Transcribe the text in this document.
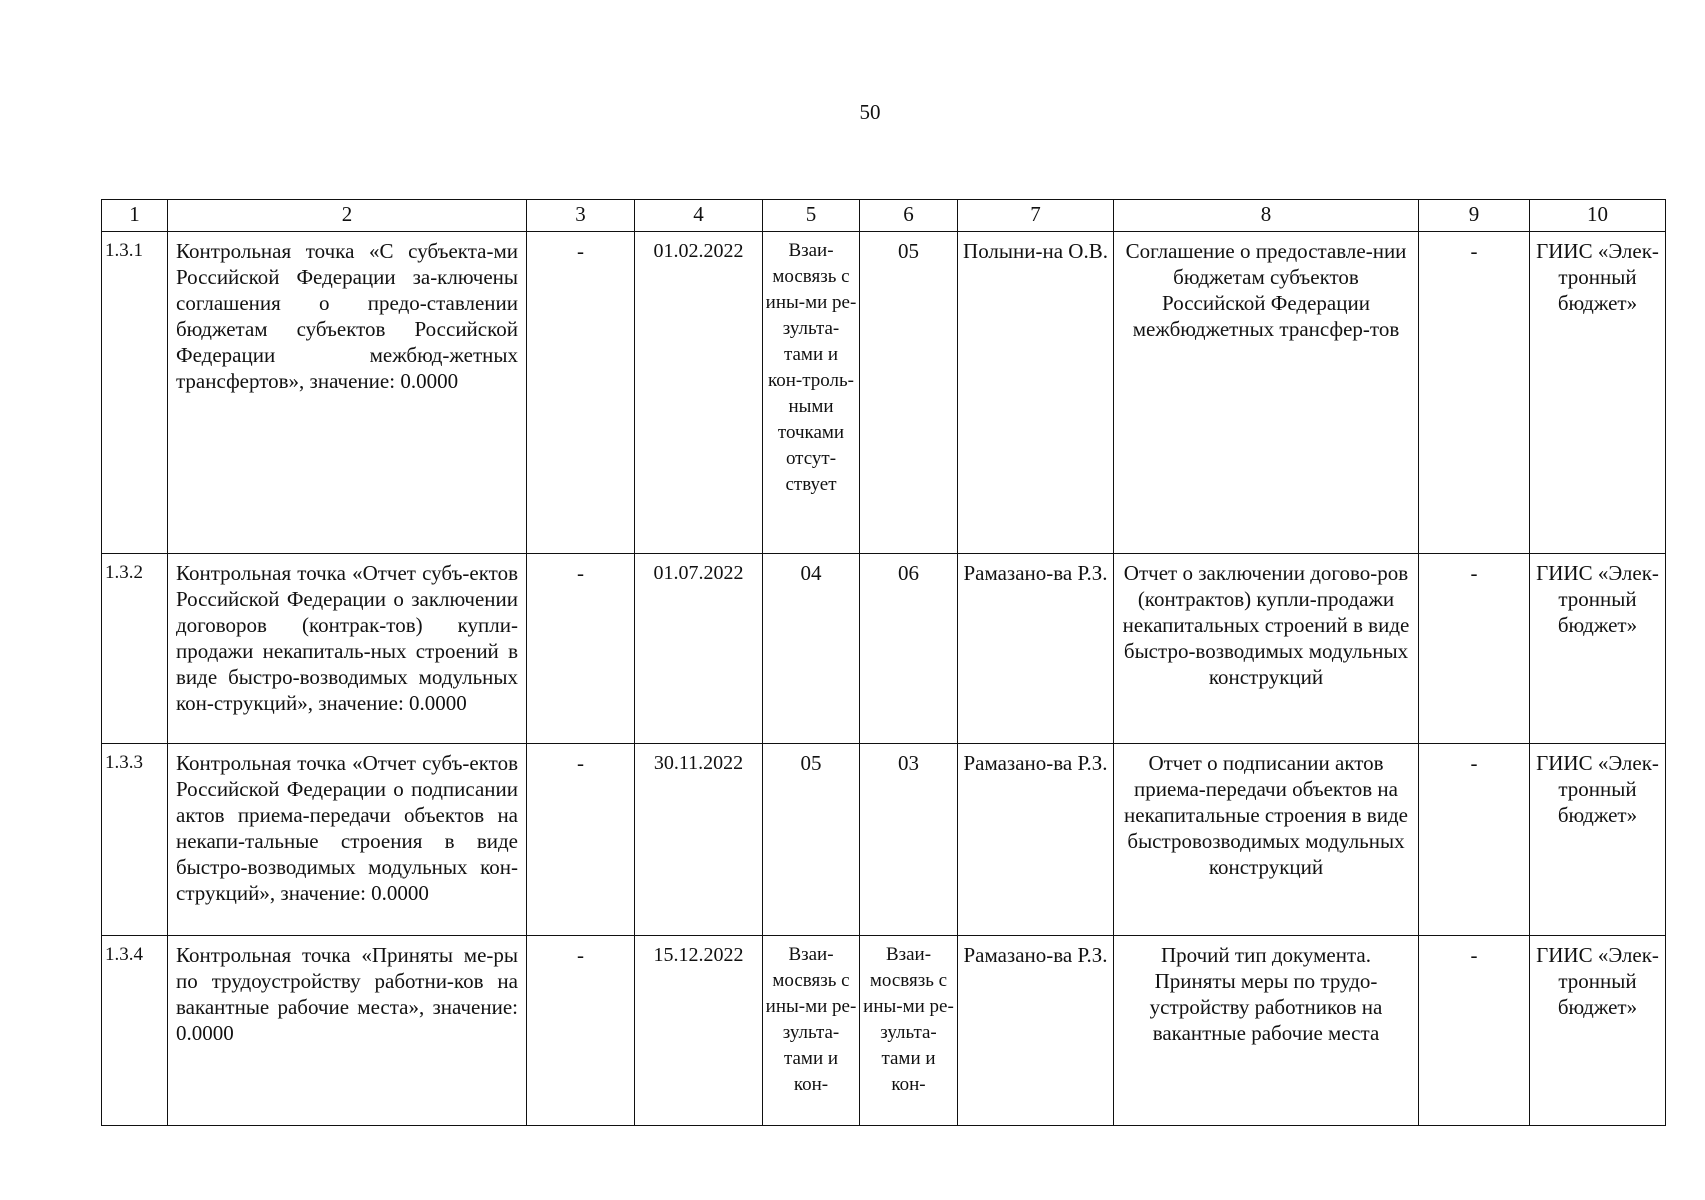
50
1	2	3	4	5	6	7	8	9	10
1.3.1	Контрольная точка «С субъекта-ми Российской Федерации за-ключены соглашения о предо-ставлении бюджетам субъектов Российской Федерации межбюд-жетных трансфертов», значение: 0.0000	-	01.02.2022	Взаи-мосвязь с ины-ми ре-зульта-тами и кон-троль-ными точками отсут-ствует	05	Полыни-на О.В.	Соглашение о предоставле-нии бюджетам субъектов Российской Федерации межбюджетных трансфер-тов	-	ГИИС «Элек-тронный бюджет»
1.3.2	Контрольная точка «Отчет субъ-ектов Российской Федерации о заключении договоров (контрак-тов) купли-продажи некапиталь-ных строений в виде быстро-возводимых модульных кон-струкций», значение: 0.0000	-	01.07.2022	04	06	Рамазано-ва Р.З.	Отчет о заключении догово-ров (контрактов) купли-продажи некапитальных строений в виде быстро-возводимых модульных конструкций	-	ГИИС «Элек-тронный бюджет»
1.3.3	Контрольная точка «Отчет субъ-ектов Российской Федерации о подписании актов приема-передачи объектов на некапи-тальные строения в виде быстро-возводимых модульных кон-струкций», значение: 0.0000	-	30.11.2022	05	03	Рамазано-ва Р.З.	Отчет о подписании актов приема-передачи объектов на некапитальные строения в виде быстровозводимых модульных конструкций	-	ГИИС «Элек-тронный бюджет»
1.3.4	Контрольная точка «Приняты ме-ры по трудоустройству работни-ков на вакантные рабочие места», значение: 0.0000	-	15.12.2022	Взаи-мосвязь с ины-ми ре-зульта-тами и кон-	Взаи-мосвязь с ины-ми ре-зульта-тами и кон-	Рамазано-ва Р.З.	Прочий тип документа. Приняты меры по трудо-устройству работников на вакантные рабочие места	-	ГИИС «Элек-тронный бюджет»
